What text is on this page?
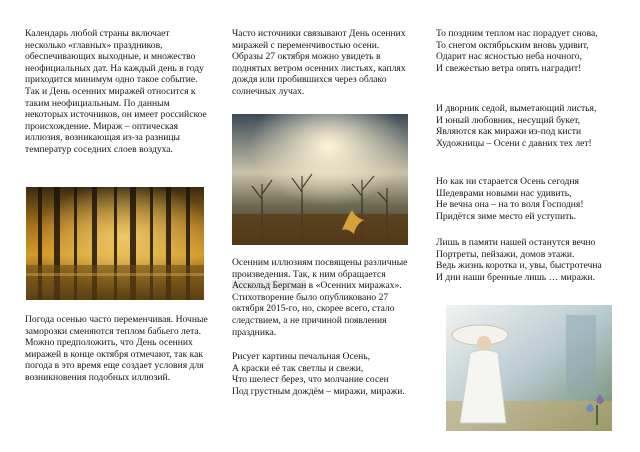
Календарь любой страны включает несколько «главных» праздников, обеспечивающих выходные, и множество неофициальных дат. На каждый день в году приходится минимум одно такое событие. Так и День осенних миражей относится к таким неофициальным. По данным некоторых источников, он имеет российское происхождение. Мираж – оптическая иллюзия, возникающая из-за разницы температур соседних слоев воздуха.

Погода осенью часто переменчивая. Ночные заморозки сменяются теплом бабьего лета. Можно предположить, что День осенних миражей в конце октября отмечают, так как погода в это время еще создает условия для возникновения подобных иллюзий.

Часто источники связывают День осенних миражей с переменчивостью осени. Образы 27 октября можно увидеть в поднятых ветром осенних листьях, каплях дождя или пробившихся через облако солнечных лучах.

Осенним иллюзиям посвящены различные произведения. Так, к ним обращается Асскольд Бергман в «Осенних миражах». Стихотворение было опубликовано 27 октября 2015-го, но, скорее всего, стало следствием, а не причиной появления праздника.

Рисует картины печальная Осень,
А краски её так светлы и свежи,
Что шелест берез, что молчание сосен
Под грустным дождём – миражи, миражи.

То поздним теплом нас порадует снова,
То снегом октябрьским вновь удивит,
Одарит нас ясностью неба ночного,
И свежестью ветра опять наградит!

И дворник седой, выметающий листья,
И юный любовник, несущий букет,
Являются как миражи из-под кисти
Художницы – Осени с давних тех лет!

Но как ни старается Осень сегодня
Шедеврами новыми нас удивить,
Не вечна она – на то воля Господня!
Придётся зиме место ей уступить.

Лишь в памяти нашей останутся вечно
Портреты, пейзажи, домов этажи.
Ведь жизнь коротка и, увы, быстротечна
И дни наши бренные лишь … миражи.
